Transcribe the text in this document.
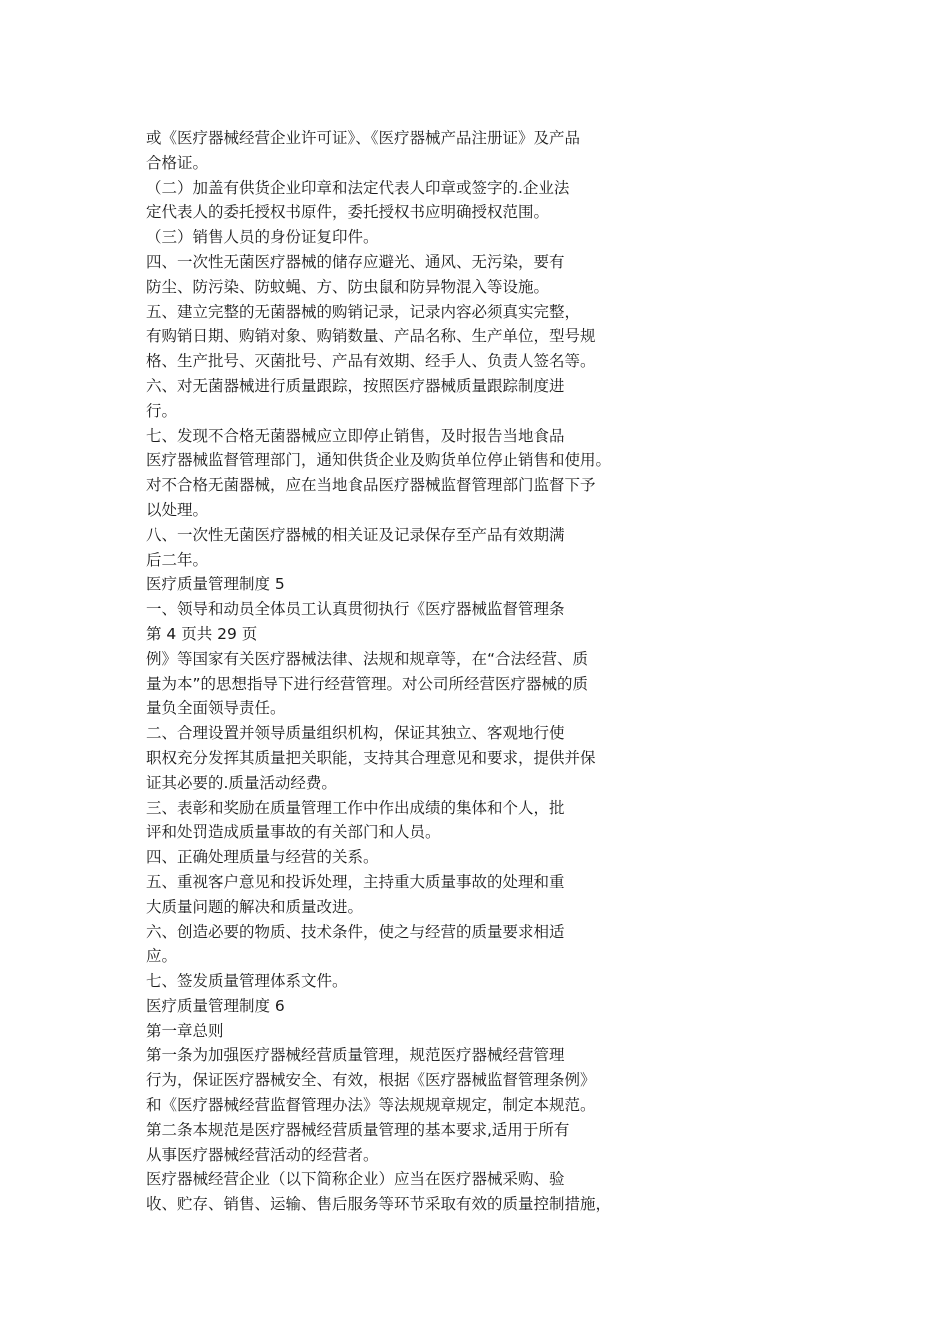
或《医疗器械经营企业许可证》、《医疗器械产品注册证》及产品
合格证。
（二）加盖有供货企业印章和法定代表人印章或签字的.企业法
定代表人的委托授权书原件，委托授权书应明确授权范围。
（三）销售人员的身份证复印件。
四、一次性无菌医疗器械的储存应避光、通风、无污染，要有
防尘、防污染、防蚊蝇、方、防虫鼠和防异物混入等设施。
五、建立完整的无菌器械的购销记录，记录内容必须真实完整，
有购销日期、购销对象、购销数量、产品名称、生产单位，型号规
格、生产批号、灭菌批号、产品有效期、经手人、负责人签名等。
六、对无菌器械进行质量跟踪，按照医疗器械质量跟踪制度进
行。
七、发现不合格无菌器械应立即停止销售，及时报告当地食品
医疗器械监督管理部门，通知供货企业及购货单位停止销售和使用。
对不合格无菌器械，应在当地食品医疗器械监督管理部门监督下予
以处理。
八、一次性无菌医疗器械的相关证及记录保存至产品有效期满
后二年。
医疗质量管理制度 5
一、领导和动员全体员工认真贯彻执行《医疗器械监督管理条
第 4 页共 29 页
例》等国家有关医疗器械法律、法规和规章等，在“合法经营、质
量为本”的思想指导下进行经营管理。对公司所经营医疗器械的质
量负全面领导责任。
二、合理设置并领导质量组织机构，保证其独立、客观地行使
职权充分发挥其质量把关职能，支持其合理意见和要求，提供并保
证其必要的.质量活动经费。
三、表彰和奖励在质量管理工作中作出成绩的集体和个人，批
评和处罚造成质量事故的有关部门和人员。
四、正确处理质量与经营的关系。
五、重视客户意见和投诉处理，主持重大质量事故的处理和重
大质量问题的解决和质量改进。
六、创造必要的物质、技术条件，使之与经营的质量要求相适
应。
七、签发质量管理体系文件。
医疗质量管理制度 6
第一章总则
第一条为加强医疗器械经营质量管理，规范医疗器械经营管理
行为，保证医疗器械安全、有效，根据《医疗器械监督管理条例》
和《医疗器械经营监督管理办法》等法规规章规定，制定本规范。
第二条本规范是医疗器械经营质量管理的基本要求,适用于所有
从事医疗器械经营活动的经营者。
医疗器械经营企业（以下简称企业）应当在医疗器械采购、验
收、贮存、销售、运输、售后服务等环节采取有效的质量控制措施，
